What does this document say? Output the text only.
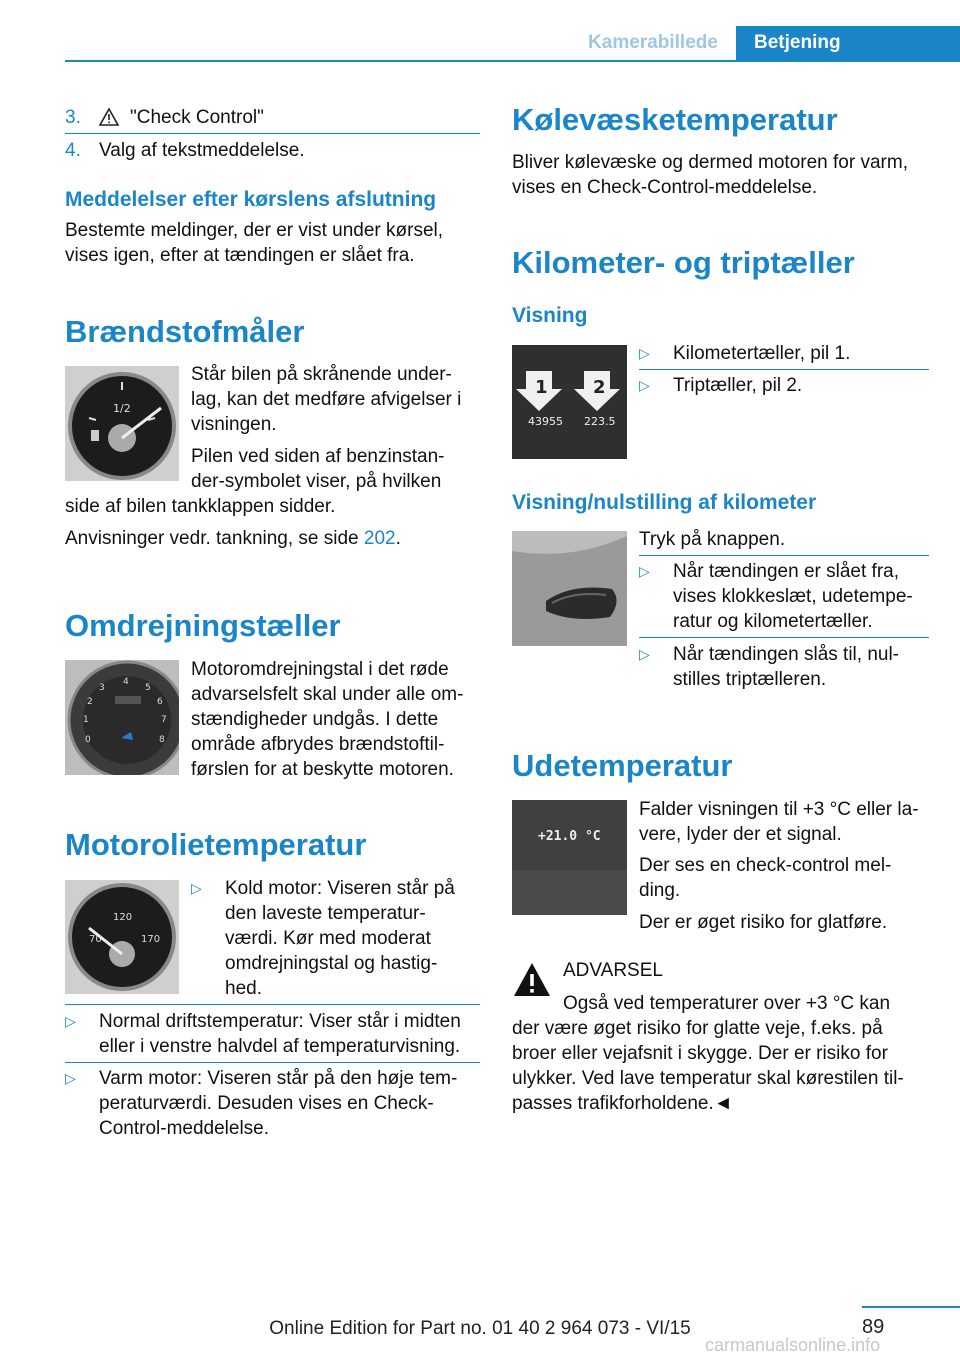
Kamerabillede	Betjening
3.	"Check Control"
4. Valg af tekstmeddelelse.
Meddelelser efter kørslens afslutning
Bestemte meldinger, der er vist under kørsel,
vises igen, efter at tændingen er slået fra.
Brændstofmåler
1/2
Står bilen på skrånende under-
lag, kan det medføre afvigelser i
visningen.
Pilen ved siden af benzinstan-
der-symbolet viser, på hvilken
side af bilen tankklappen sidder.
Anvisninger vedr. tankning, se side 202.
Omdrejningstæller
0
1
2
3
4
5
6
7
8
Motoromdrejningstal i det røde
advarselsfelt skal under alle om-
stændigheder undgås. I dette
område afbrydes brændstoftil-
førslen for at beskytte motoren.
Motorolietemperatur
120
70	170
▷ Kold motor: Viseren står på
den laveste temperatur-
værdi. Kør med moderat
omdrejningstal og hastig-
hed.
▷ Normal driftstemperatur: Viser står i midten
eller i venstre halvdel af temperaturvisning.
▷ Varm motor: Viseren står på den høje tem-
peraturværdi. Desuden vises en Check-
Control-meddelelse.
Kølevæsketemperatur
Bliver kølevæske og dermed motoren for varm,
vises en Check-Control-meddelelse.
Kilometer- og triptæller
Visning
1	2
43955 223.5
▷ Kilometertæller, pil 1.
▷ Triptæller, pil 2.
Visning/nulstilling af kilometer
Tryk på knappen.
▷ Når tændingen er slået fra,
vises klokkeslæt, udetempe-
ratur og kilometertæller.
▷ Når tændingen slås til, nul-
stilles triptælleren.
Udetemperatur
+21.0 °C
Falder visningen til +3 °C eller la-
vere, lyder der et signal.
Der ses en check-control mel-
ding.
Der er øget risiko for glatføre.
ADVARSEL
Også ved temperaturer over +3 °C kan
der være øget risiko for glatte veje, f.eks. på
broer eller vejafsnit i skygge. Der er risiko for
ulykker. Ved lave temperatur skal kørestilen til-
passes trafikforholdene.◄
89
Online Edition for Part no. 01 40 2 964 073 - VI/15
carmanualsonline.info
